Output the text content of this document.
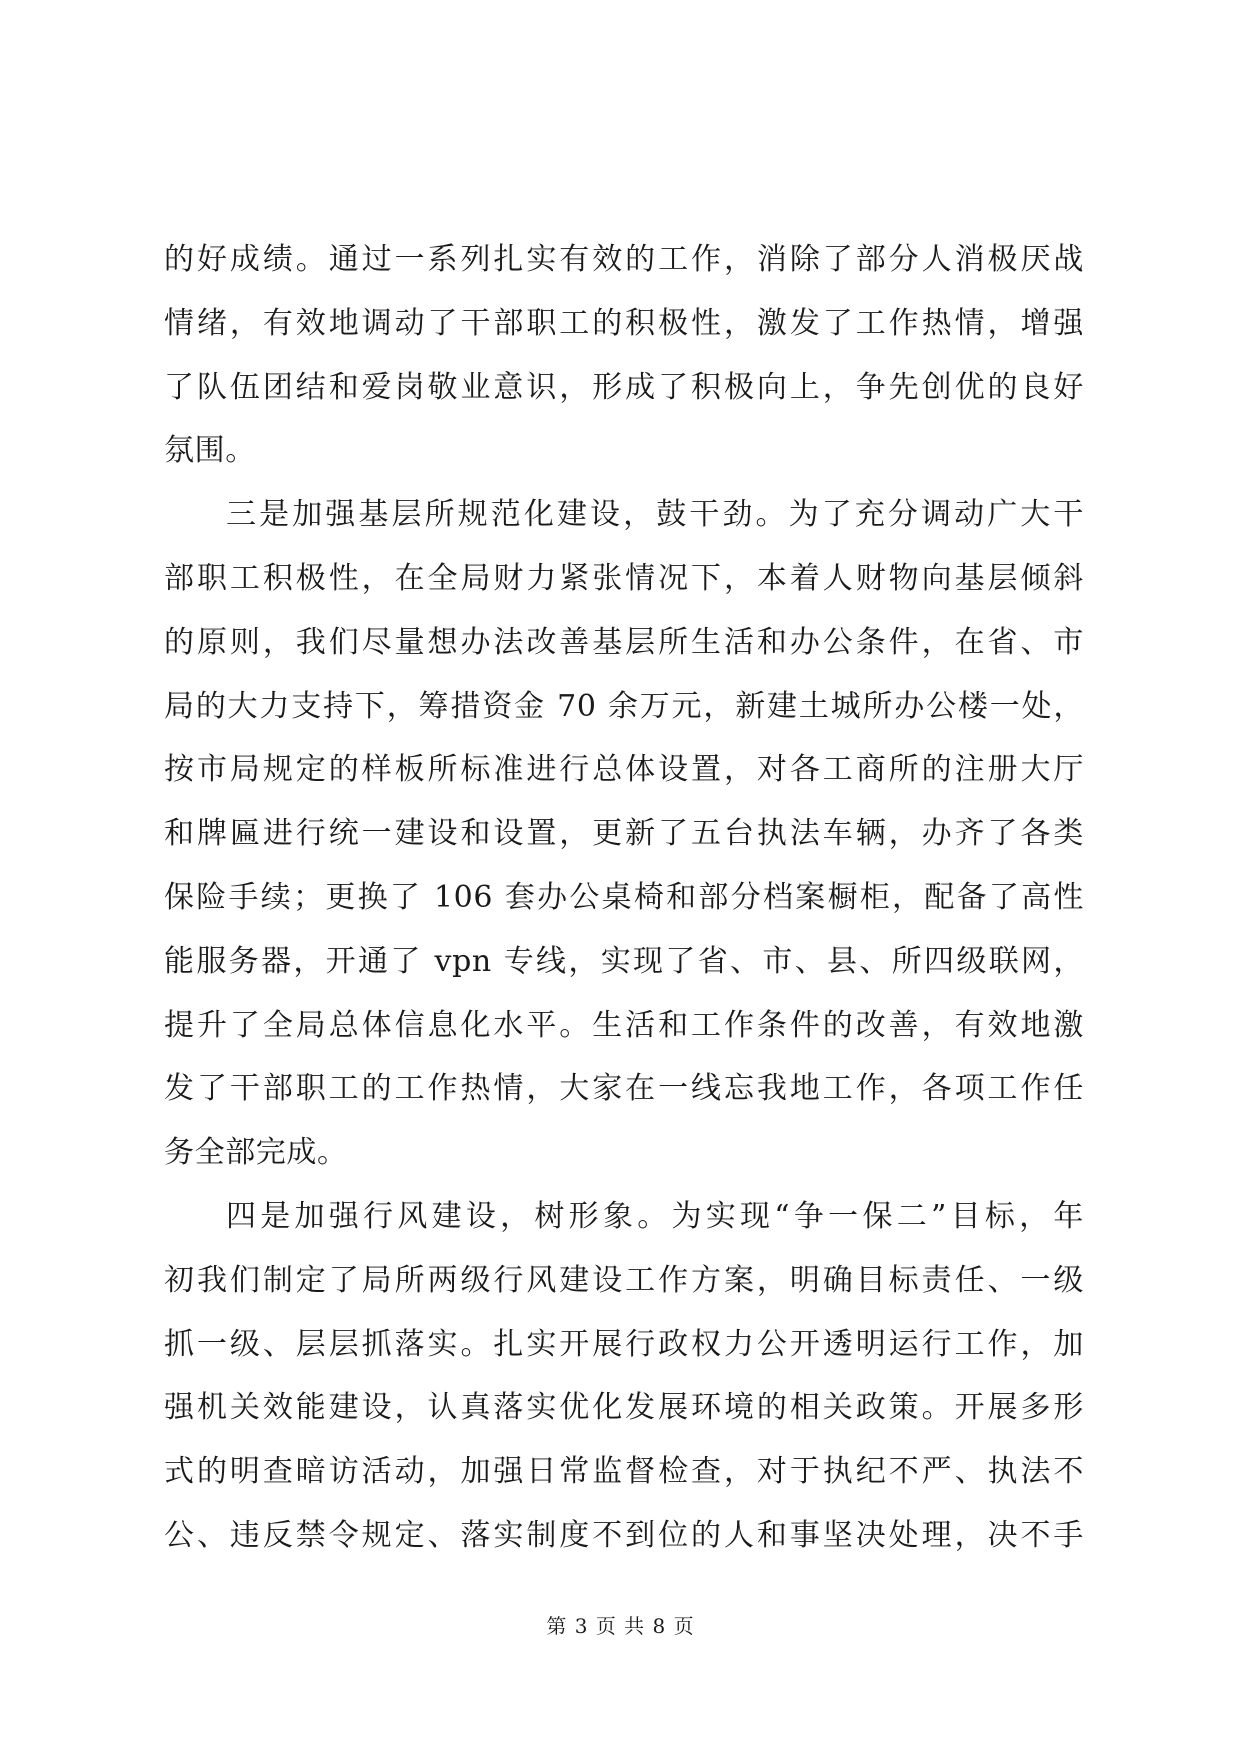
的好成绩。通过一系列扎实有效的工作，消除了部分人消极厌战
情绪，有效地调动了干部职工的积极性，激发了工作热情，增强
了队伍团结和爱岗敬业意识，形成了积极向上，争先创优的良好
氛围。
三是加强基层所规范化建设，鼓干劲。为了充分调动广大干
部职工积极性，在全局财力紧张情况下，本着人财物向基层倾斜
的原则，我们尽量想办法改善基层所生活和办公条件，在省、市
局的大力支持下，筹措资金 70 余万元，新建土城所办公楼一处，
按市局规定的样板所标准进行总体设置，对各工商所的注册大厅
和牌匾进行统一建设和设置，更新了五台执法车辆，办齐了各类
保险手续；更换了 106 套办公桌椅和部分档案橱柜，配备了高性
能服务器，开通了 vpn 专线，实现了省、市、县、所四级联网，
提升了全局总体信息化水平。生活和工作条件的改善，有效地激
发了干部职工的工作热情，大家在一线忘我地工作，各项工作任
务全部完成。
四是加强行风建设，树形象。为实现“争一保二”目标，年
初我们制定了局所两级行风建设工作方案，明确目标责任、一级
抓一级、层层抓落实。扎实开展行政权力公开透明运行工作，加
强机关效能建设，认真落实优化发展环境的相关政策。开展多形
式的明查暗访活动，加强日常监督检查，对于执纪不严、执法不
公、违反禁令规定、落实制度不到位的人和事坚决处理，决不手
第 3 页 共 8 页
